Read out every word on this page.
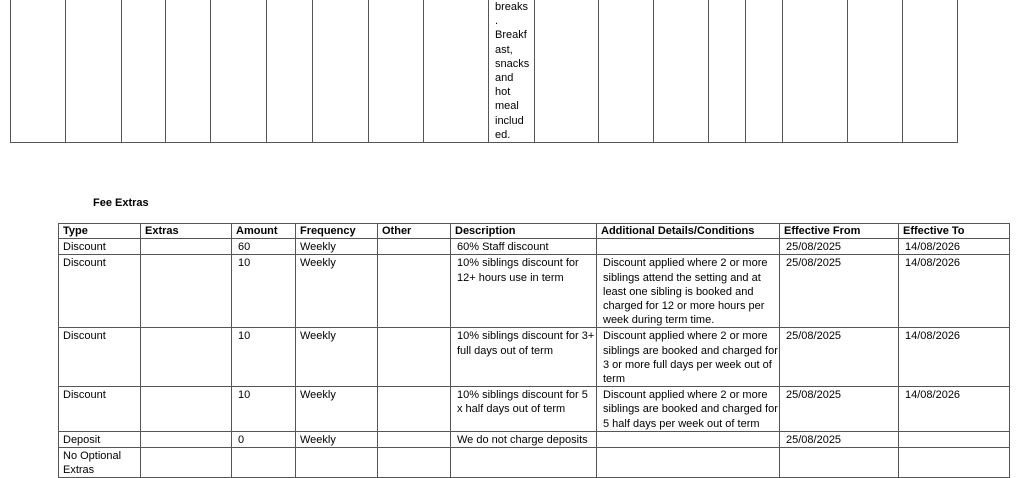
breaks
.
Breakf
ast,
snacks
and
hot
meal
includ
ed.

Fee Extras
Type	Extras	Amount	Frequency	Other	Description	Additional Details/Conditions	Effective From	Effective To
Discount		60	Weekly		60% Staff discount		25/08/2025	14/08/2026
Discount		10	Weekly		10% siblings discount for 12+ hours use in term	Discount applied where 2 or more siblings attend the setting and at least one sibling is booked and charged for 12 or more hours per week during term time.	25/08/2025	14/08/2026
Discount		10	Weekly		10% siblings discount for 3+ full days out of term	Discount applied where 2 or more siblings are booked and charged for 3 or more full days per week out of term	25/08/2025	14/08/2026
Discount		10	Weekly		10% siblings discount for 5 x half days out of term	Discount applied where 2 or more siblings are booked and charged for 5 half days per week out of term	25/08/2025	14/08/2026
Deposit		0	Weekly		We do not charge deposits		25/08/2025	
No Optional Extras								
